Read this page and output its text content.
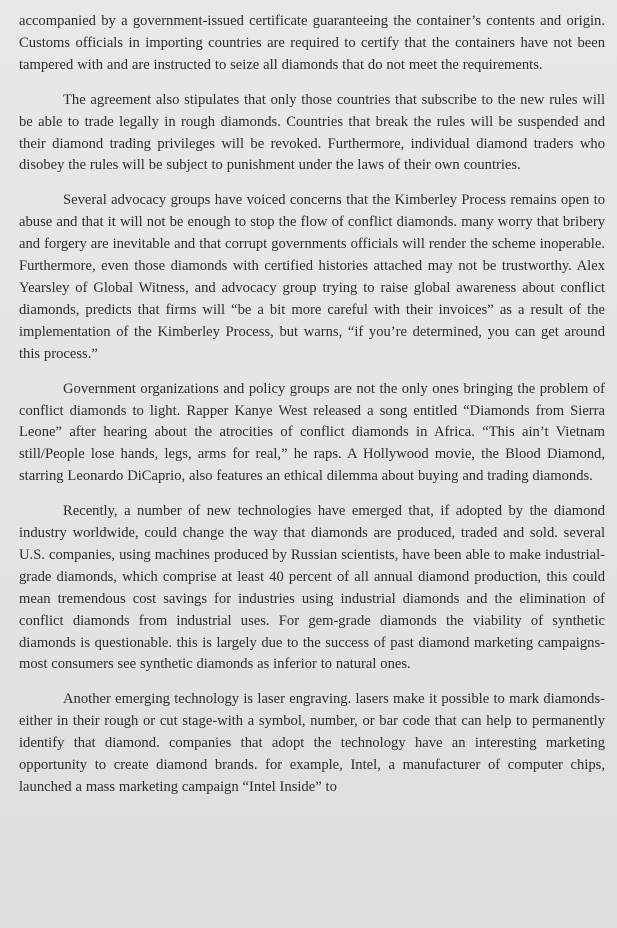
accompanied by a government-issued certificate guaranteeing the container’s contents and origin. Customs officials in importing countries are required to certify that the containers have not been tampered with and are instructed to seize all diamonds that do not meet the requirements.

The agreement also stipulates that only those countries that subscribe to the new rules will be able to trade legally in rough diamonds. Countries that break the rules will be suspended and their diamond trading privileges will be revoked. Furthermore, individual diamond traders who disobey the rules will be subject to punishment under the laws of their own countries.

Several advocacy groups have voiced concerns that the Kimberley Process remains open to abuse and that it will not be enough to stop the flow of conflict diamonds. many worry that bribery and forgery are inevitable and that corrupt governments officials will render the scheme inoperable. Furthermore, even those diamonds with certified histories attached may not be trustworthy. Alex Yearsley of Global Witness, and advocacy group trying to raise global awareness about conflict diamonds, predicts that firms will “be a bit more careful with their invoices” as a result of the implementation of the Kimberley Process, but warns, “if you’re determined, you can get around this process.”

Government organizations and policy groups are not the only ones bringing the problem of conflict diamonds to light. Rapper Kanye West released a song entitled “Diamonds from Sierra Leone” after hearing about the atrocities of conflict diamonds in Africa. “This ain’t Vietnam still/People lose hands, legs, arms for real,” he raps. A Hollywood movie, the Blood Diamond, starring Leonardo DiCaprio, also features an ethical dilemma about buying and trading diamonds.

Recently, a number of new technologies have emerged that, if adopted by the diamond industry worldwide, could change the way that diamonds are produced, traded and sold. several U.S. companies, using machines produced by Russian scientists, have been able to make industrial-grade diamonds, which comprise at least 40 percent of all annual diamond production, this could mean tremendous cost savings for industries using industrial diamonds and the elimination of conflict diamonds from industrial uses. For gem-grade diamonds the viability of synthetic diamonds is questionable. this is largely due to the success of past diamond marketing campaigns-most consumers see synthetic diamonds as inferior to natural ones.

Another emerging technology is laser engraving. lasers make it possible to mark diamonds-either in their rough or cut stage-with a symbol, number, or bar code that can help to permanently identify that diamond. companies that adopt the technology have an interesting marketing opportunity to create diamond brands. for example, Intel, a manufacturer of computer chips, launched a mass marketing campaign “Intel Inside” to
